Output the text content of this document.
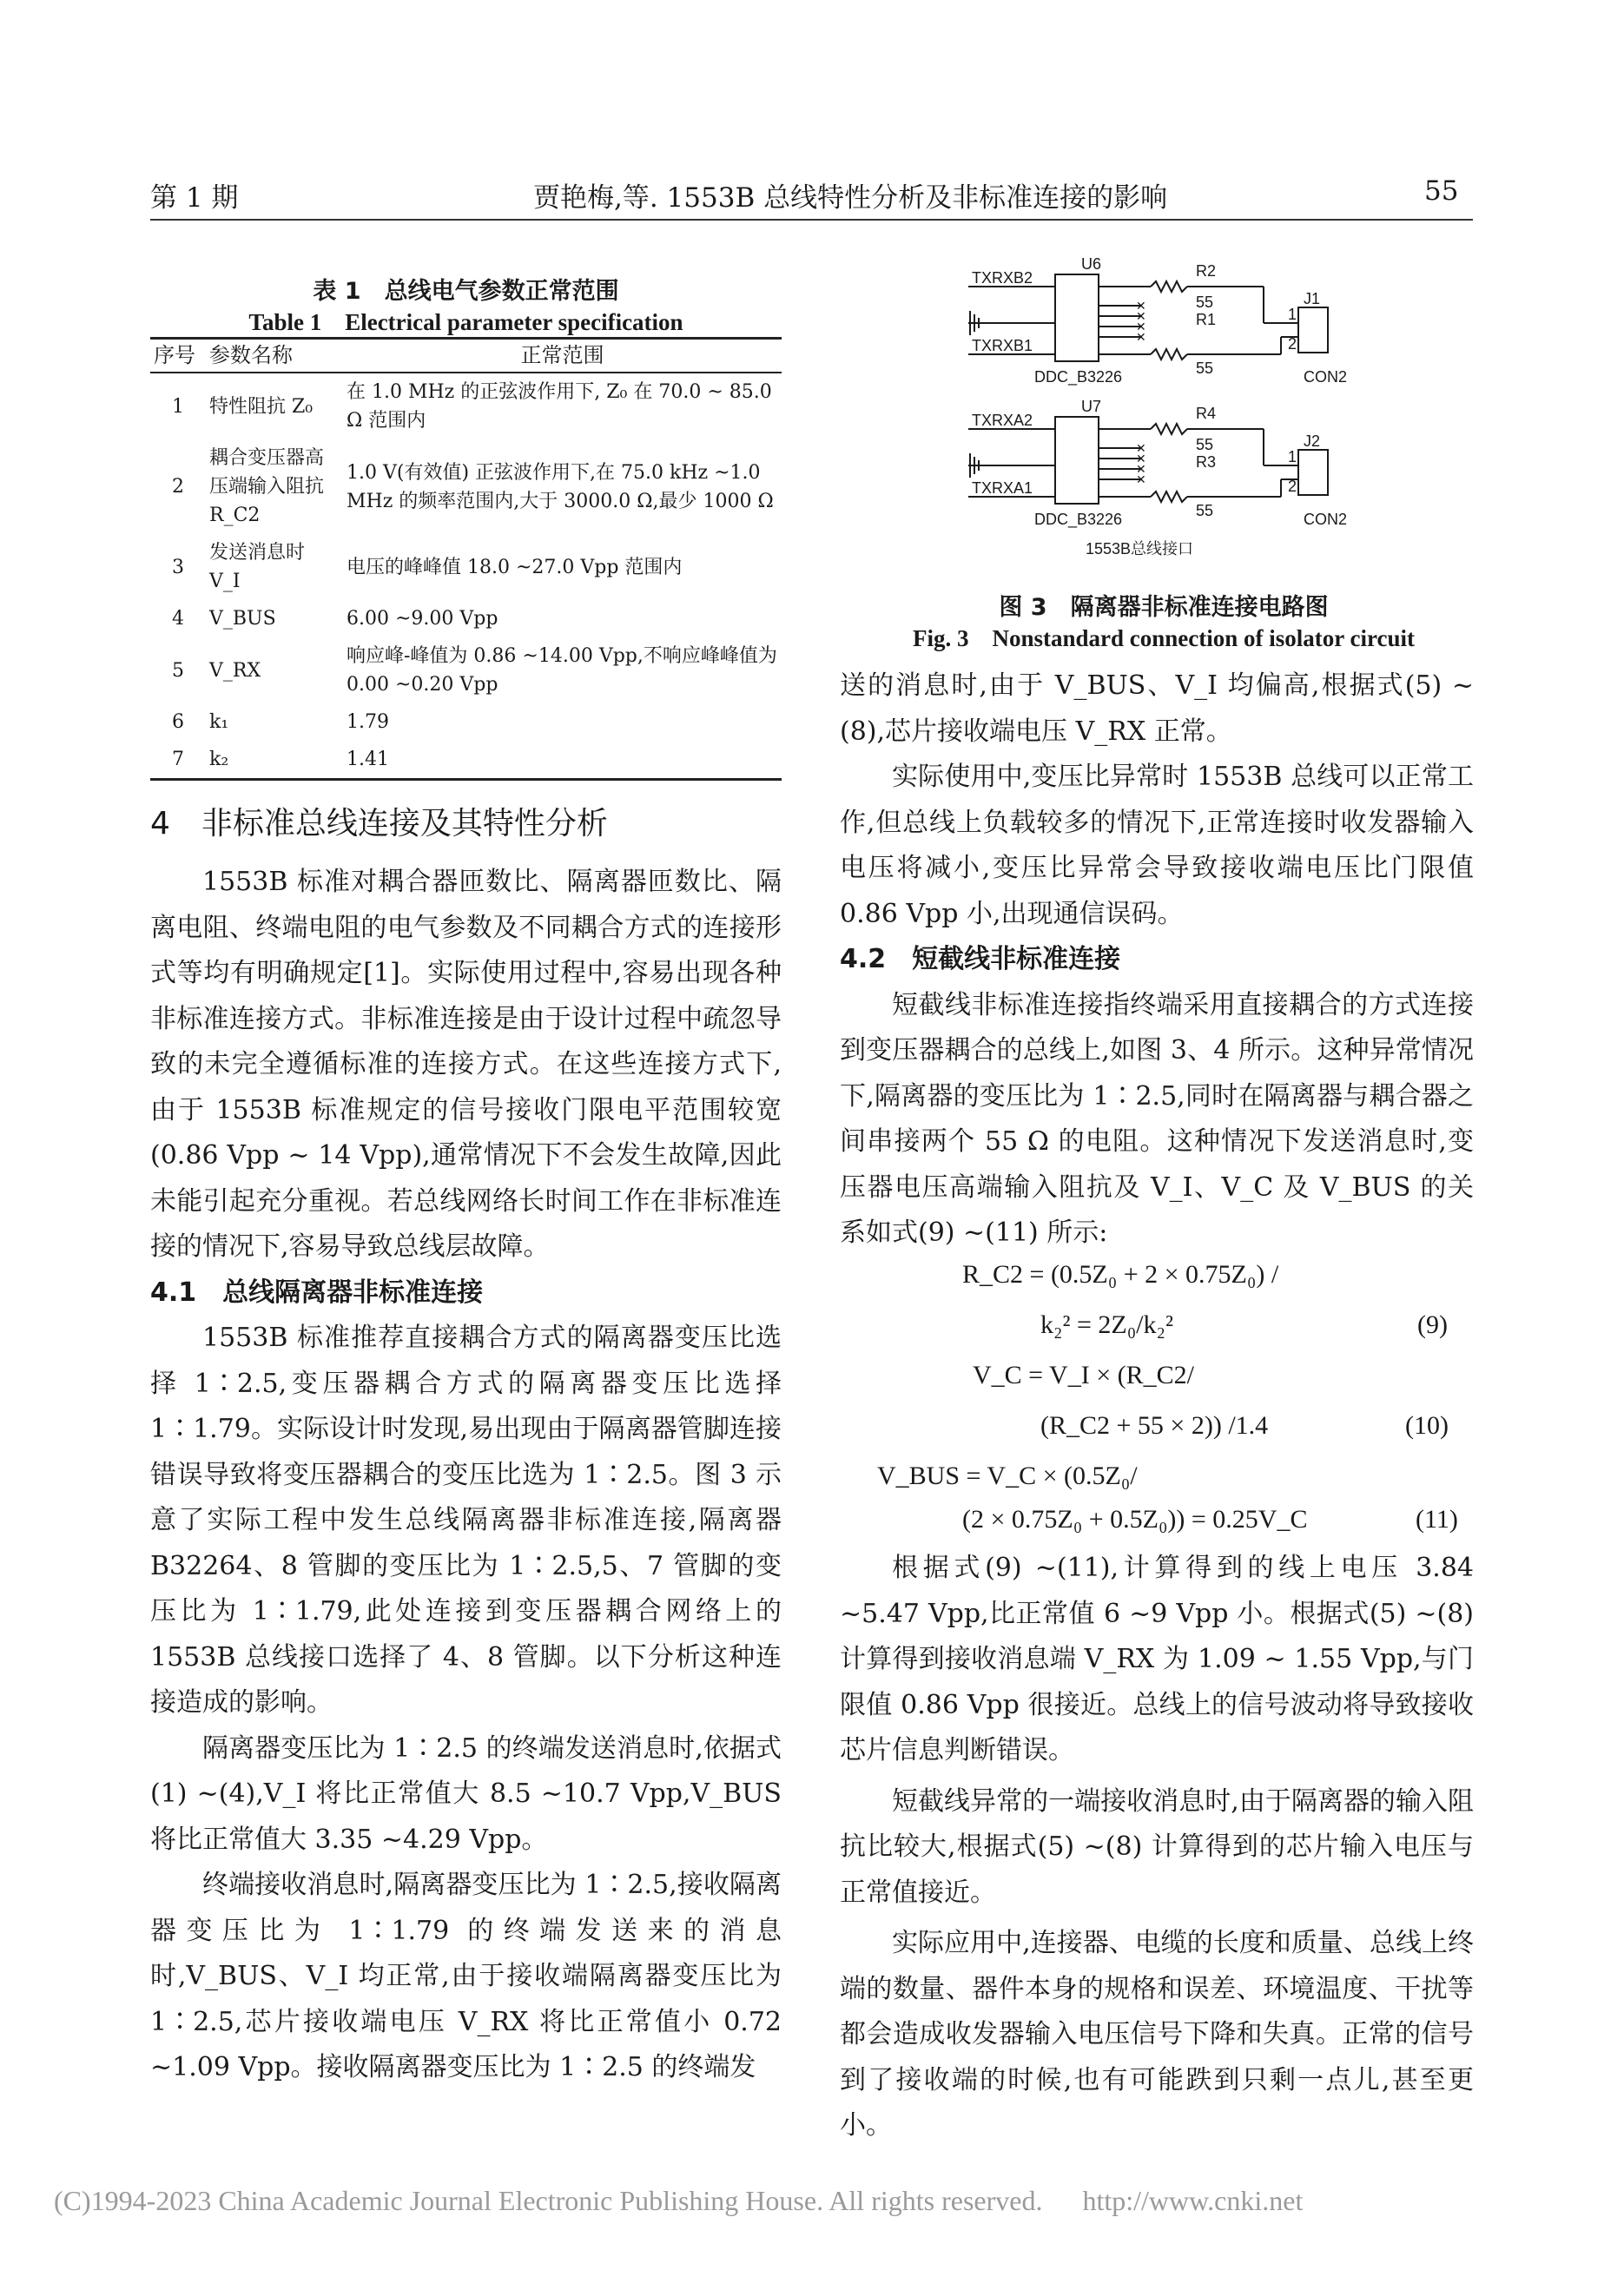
第 1 期	贾艳梅,等. 1553B 总线特性分析及非标准连接的影响	55
表 1　总线电气参数正常范围
Table 1　Electrical parameter specification
序号	参数名称	正常范围
1	特性阻抗 Z₀	在 1.0 MHz 的正弦波作用下, Z₀ 在 70.0 ~ 85.0 Ω 范围内
2	耦合变压器高压端输入阻抗 R_C2	1.0 V(有效值) 正弦波作用下,在 75.0 kHz ~1.0 MHz 的频率范围内,大于 3000.0 Ω,最少 1000 Ω
3	发送消息时 V_I	电压的峰峰值 18.0 ~27.0 Vpp 范围内
4	V_BUS	6.00 ~9.00 Vpp
5	V_RX	响应峰-峰值为 0.86 ~14.00 Vpp,不响应峰峰值为 0.00 ~0.20 Vpp
6	k₁	1.79
7	k₂	1.41
✕
✕
✕
✕
✕
✕
✕
✕
U6
TXRXB2
TXRXB1
DDC_B3226
R2
55
R1
55
J1
1
2
CON2
U7
TXRXA2
TXRXA1
DDC_B3226
R4
55
R3
55
J2
1
2
CON2
1553B总线接口
图 3　隔离器非标准连接电路图
Fig. 3　Nonstandard connection of isolator circuit
4　非标准总线连接及其特性分析

1553B 标准对耦合器匝数比、隔离器匝数比、隔离电阻、终端电阻的电气参数及不同耦合方式的连接形式等均有明确规定[1]。实际使用过程中,容易出现各种非标准连接方式。非标准连接是由于设计过程中疏忽导致的未完全遵循标准的连接方式。在这些连接方式下,由于 1553B 标准规定的信号接收门限电平范围较宽(0.86 Vpp ~ 14 Vpp),通常情况下不会发生故障,因此未能引起充分重视。若总线网络长时间工作在非标准连接的情况下,容易导致总线层故障。

4.1　总线隔离器非标准连接

1553B 标准推荐直接耦合方式的隔离器变压比选择 1∶2.5,变压器耦合方式的隔离器变压比选择 1∶1.79。实际设计时发现,易出现由于隔离器管脚连接错误导致将变压器耦合的变压比选为 1∶2.5。图 3 示意了实际工程中发生总线隔离器非标准连接,隔离器 B32264、8 管脚的变压比为 1∶2.5,5、7 管脚的变压比为 1∶1.79,此处连接到变压器耦合网络上的 1553B 总线接口选择了 4、8 管脚。以下分析这种连接造成的影响。

隔离器变压比为 1∶2.5 的终端发送消息时,依据式(1) ~(4),V_I 将比正常值大 8.5 ~10.7 Vpp,V_BUS 将比正常值大 3.35 ~4.29 Vpp。

终端接收消息时,隔离器变压比为 1∶2.5,接收隔离器变压比为 1∶1.79 的终端发送来的消息时,V_BUS、V_I 均正常,由于接收端隔离器变压比为 1∶2.5,芯片接收端电压 V_RX 将比正常值小 0.72 ~1.09 Vpp。接收隔离器变压比为 1∶2.5 的终端发

送的消息时,由于 V_BUS、V_I 均偏高,根据式(5) ~(8),芯片接收端电压 V_RX 正常。

实际使用中,变压比异常时 1553B 总线可以正常工作,但总线上负载较多的情况下,正常连接时收发器输入电压将减小,变压比异常会导致接收端电压比门限值 0.86 Vpp 小,出现通信误码。

4.2　短截线非标准连接

短截线非标准连接指终端采用直接耦合的方式连接到变压器耦合的总线上,如图 3、4 所示。这种异常情况下,隔离器的变压比为 1∶2.5,同时在隔离器与耦合器之间串接两个 55 Ω 的电阻。这种情况下发送消息时,变压器电压高端输入阻抗及 V_I、V_C 及 V_BUS 的关系如式(9) ~(11) 所示:

R_C2 = (0.5Z₀ + 2 × 0.75Z₀) /
k₂² = 2Z₀/k₂²	(9)
V_C = V_I × (R_C2/
(R_C2 + 55 × 2)) /1.4	(10)
V_BUS = V_C × (0.5Z₀/
(2 × 0.75Z₀ + 0.5Z₀)) = 0.25V_C	(11)

根据式(9) ~(11),计算得到的线上电压 3.84 ~5.47 Vpp,比正常值 6 ~9 Vpp 小。根据式(5) ~(8) 计算得到接收消息端 V_RX 为 1.09 ~ 1.55 Vpp,与门限值 0.86 Vpp 很接近。总线上的信号波动将导致接收芯片信息判断错误。

短截线异常的一端接收消息时,由于隔离器的输入阻抗比较大,根据式(5) ~(8) 计算得到的芯片输入电压与正常值接近。

实际应用中,连接器、电缆的长度和质量、总线上终端的数量、器件本身的规格和误差、环境温度、干扰等都会造成收发器输入电压信号下降和失真。正常的信号到了接收端的时候,也有可能跌到只剩一点儿,甚至更小。

(C)1994-2023 China Academic Journal Electronic Publishing House. All rights reserved. http://www.cnki.net
